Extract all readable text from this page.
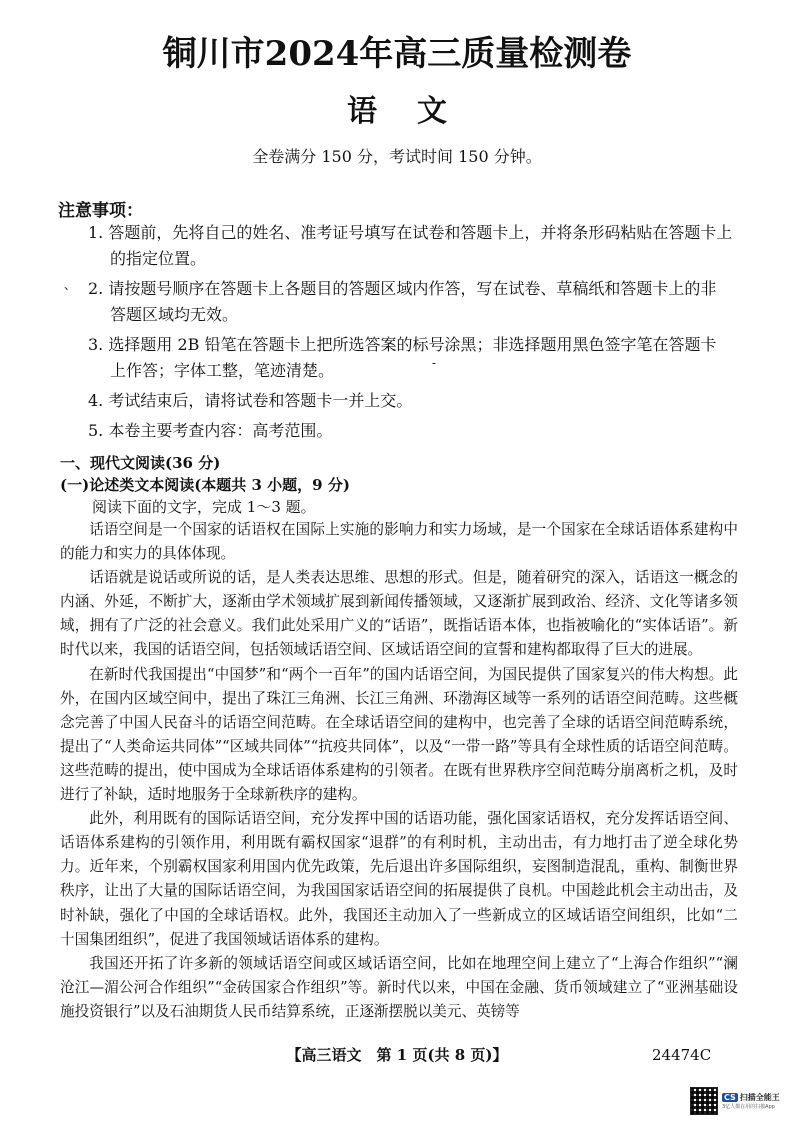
铜川市2024年高三质量检测卷
语文
全卷满分 150 分，考试时间 150 分钟。
注意事项：
、
-
1. 答题前，先将自己的姓名、准考证号填写在试卷和答题卡上，并将条形码粘贴在答题卡上
的指定位置。
2. 请按题号顺序在答题卡上各题目的答题区域内作答，写在试卷、草稿纸和答题卡上的非
答题区域均无效。
3. 选择题用 2B 铅笔在答题卡上把所选答案的标号涂黑；非选择题用黑色签字笔在答题卡
上作答；字体工整，笔迹清楚。
4. 考试结束后，请将试卷和答题卡一并上交。
5. 本卷主要考查内容：高考范围。
一、现代文阅读(36 分)
(一)论述类文本阅读(本题共 3 小题，9 分)
阅读下面的文字，完成 1～3 题。

话语空间是一个国家的话语权在国际上实施的影响力和实力场域，是一个国家在全球话语体系建构中的能力和实力的具体体现。

话语就是说话或所说的话，是人类表达思维、思想的形式。但是，随着研究的深入，话语这一概念的内涵、外延，不断扩大，逐渐由学术领域扩展到新闻传播领域，又逐渐扩展到政治、经济、文化等诸多领域，拥有了广泛的社会意义。我们此处采用广义的“话语”，既指话语本体，也指被喻化的“实体话语”。新时代以来，我国的话语空间，包括领域话语空间、区域话语空间的宣誓和建构都取得了巨大的进展。

在新时代我国提出“中国梦”和“两个一百年”的国内话语空间，为国民提供了国家复兴的伟大构想。此外，在国内区域空间中，提出了珠江三角洲、长江三角洲、环渤海区域等一系列的话语空间范畴。这些概念完善了中国人民奋斗的话语空间范畴。在全球话语空间的建构中，也完善了全球的话语空间范畴系统，提出了“人类命运共同体”“区域共同体”“抗疫共同体”，以及“一带一路”等具有全球性质的话语空间范畴。这些范畴的提出，使中国成为全球话语体系建构的引领者。在既有世界秩序空间范畴分崩离析之机，及时进行了补缺，适时地服务于全球新秩序的建构。

此外，利用既有的国际话语空间，充分发挥中国的话语功能，强化国家话语权，充分发挥话语空间、话语体系建构的引领作用，利用既有霸权国家“退群”的有利时机，主动出击，有力地打击了逆全球化势力。近年来，个别霸权国家利用国内优先政策，先后退出许多国际组织，妄图制造混乱，重构、制衡世界秩序，让出了大量的国际话语空间，为我国国家话语空间的拓展提供了良机。中国趁此机会主动出击，及时补缺，强化了中国的全球话语权。此外，我国还主动加入了一些新成立的区域话语空间组织，比如“二十国集团组织”，促进了我国领域话语体系的建构。

我国还开拓了许多新的领域话语空间或区域话语空间，比如在地理空间上建立了“上海合作组织”“澜沧江—湄公河合作组织”“金砖国家合作组织”等。新时代以来，中国在金融、货币领域建立了“亚洲基础设施投资银行”以及石油期货人民币结算系统，正逐渐摆脱以美元、英镑等

【高三语文　第 1 页(共 8 页)】	24474C
CS 扫描全能王
3亿人都在用的扫描App
